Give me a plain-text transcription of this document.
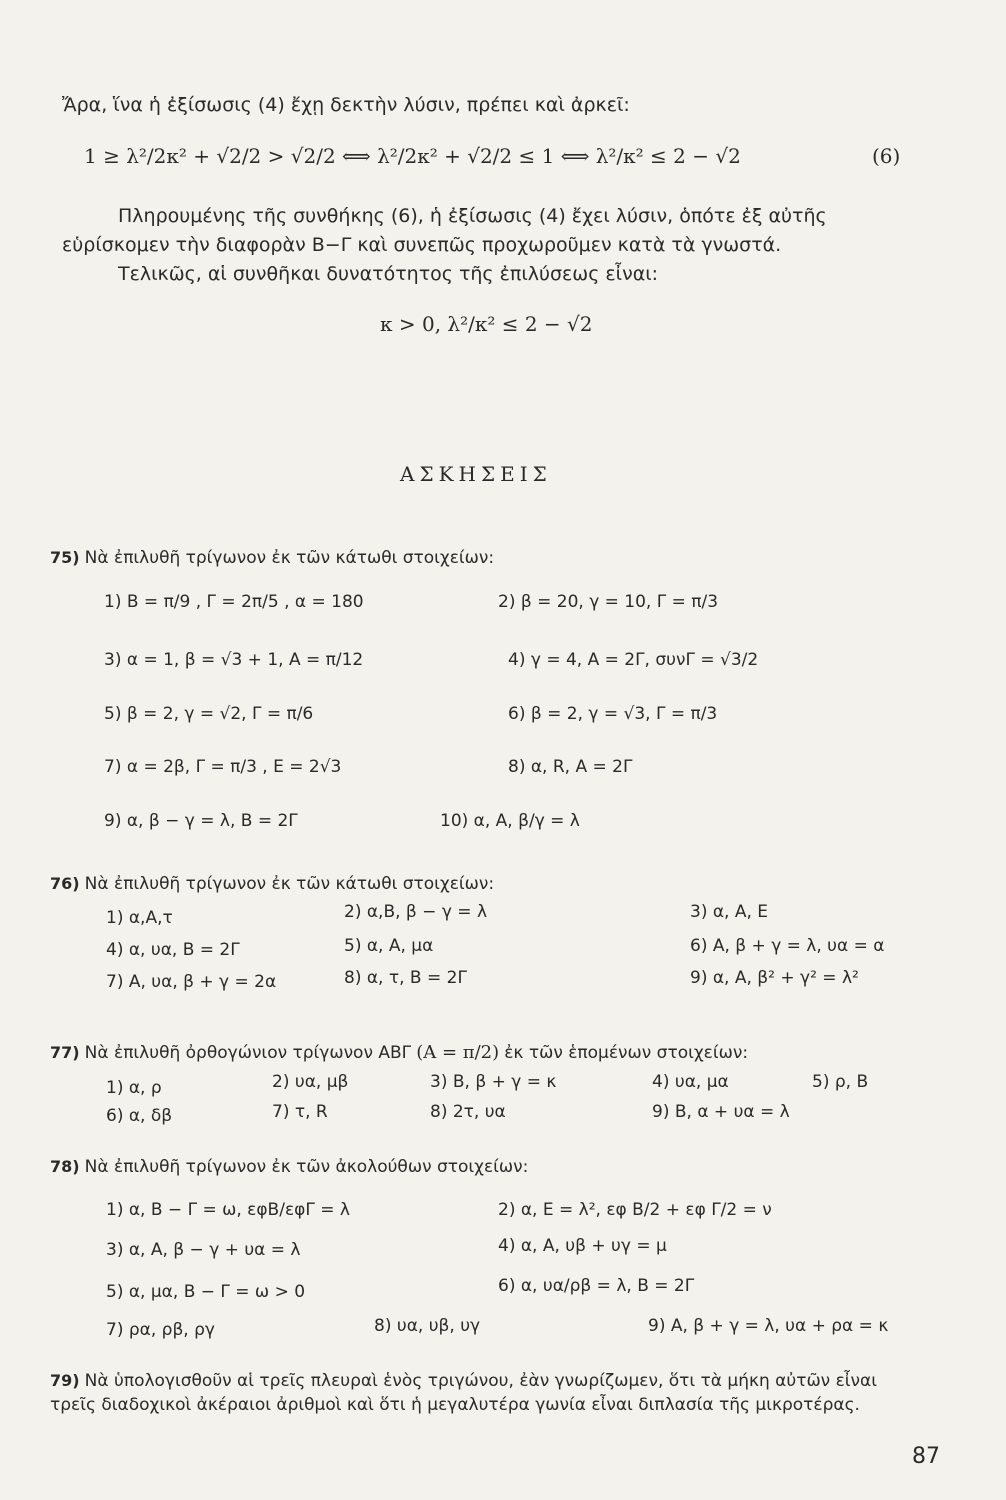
Ἄρα, ἵνα ἡ ἐξίσωσις (4) ἔχῃ δεκτὴν λύσιν, πρέπει καὶ ἀρκεῖ:
1 ≥ λ²/2κ² + √2/2 > √2/2 ⟺ λ²/2κ² + √2/2 ≤ 1 ⟺ λ²/κ² ≤ 2 − √2	(6)
Πληρουμένης τῆς συνθήκης (6), ἡ ἐξίσωσις (4) ἔχει λύσιν, ὁπότε ἐξ αὐτῆς
εὑρίσκομεν τὴν διαφορὰν Β−Γ καὶ συνεπῶς προχωροῦμεν κατὰ τὰ γνωστά.
Τελικῶς, αἱ συνθῆκαι δυνατότητος τῆς ἐπιλύσεως εἶναι:
κ > 0, λ²/κ² ≤ 2 − √2
ΑΣΚΗΣΕΙΣ
75) Νὰ ἐπιλυθῆ τρίγωνον ἐκ τῶν κάτωθι στοιχείων:
1) Β = π/9 , Γ = 2π/5 , α = 180	2) β = 20, γ = 10, Γ = π/3
3) α = 1, β = √3 + 1, Α = π/12	4) γ = 4, Α = 2Γ, συνΓ = √3/2
5) β = 2, γ = √2, Γ = π/6	6) β = 2, γ = √3, Γ = π/3
7) α = 2β, Γ = π/3 , Ε = 2√3	8) α, R, Α = 2Γ
9) α, β − γ = λ, Β = 2Γ	10) α, Α, β/γ = λ
76) Νὰ ἐπιλυθῆ τρίγωνον ἐκ τῶν κάτωθι στοιχείων:
1) α,Α,τ	2) α,Β, β − γ = λ	3) α, Α, Ε
4) α, υα, Β = 2Γ	5) α, Α, μα	6) Α, β + γ = λ, υα = α
7) Α, υα, β + γ = 2α	8) α, τ, Β = 2Γ	9) α, Α, β² + γ² = λ²
77) Νὰ ἐπιλυθῆ ὀρθογώνιον τρίγωνον ΑΒΓ (Α = π/2) ἐκ τῶν ἑπομένων στοιχείων:
1) α, ρ	2) υα, μβ	3) Β, β + γ = κ	4) υα, μα	5) ρ, Β
6) α, δβ	7) τ, R	8) 2τ, υα	9) Β, α + υα = λ
78) Νὰ ἐπιλυθῆ τρίγωνον ἐκ τῶν ἀκολούθων στοιχείων:
1) α, Β − Γ = ω, εφΒ/εφΓ = λ	2) α, Ε = λ², εφ Β/2 + εφ Γ/2 = ν
3) α, Α, β − γ + υα = λ	4) α, Α, υβ + υγ = μ
5) α, μα, Β − Γ = ω > 0	6) α, υα/ρβ = λ, Β = 2Γ
7) ρα, ρβ, ργ	8) υα, υβ, υγ	9) Α, β + γ = λ, υα + ρα = κ
79) Νὰ ὑπολογισθοῦν αἱ τρεῖς πλευραὶ ἑνὸς τριγώνου, ἐὰν γνωρίζωμεν, ὅτι τὰ μήκη αὐτῶν εἶναι
τρεῖς διαδοχικοὶ ἀκέραιοι ἀριθμοὶ καὶ ὅτι ἡ μεγαλυτέρα γωνία εἶναι διπλασία τῆς μικροτέρας.
87
